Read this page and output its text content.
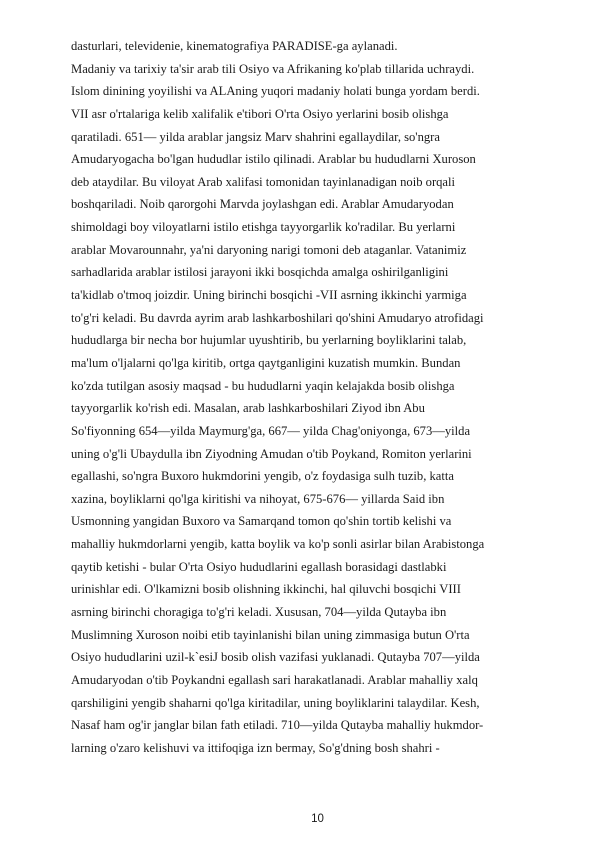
dasturlari, televidenie, kinematografiya PARADISE-ga aylanadi.
Madaniy va tarixiy ta'sir arab tili Osiyo va Afrikaning ko'plab tillarida uchraydi.
Islom dinining yoyilishi va ALAning yuqori madaniy holati bunga yordam berdi.
VII asr o'rtalariga kelib xalifalik e'tibori O'rta Osiyo yerlarini bosib olishga
qaratiladi. 651— yilda arablar jangsiz Marv shahrini egallaydilar, so'ngra
Amudaryogacha bo'lgan hududlar istilo qilinadi. Arablar bu hududlarni Xuroson
deb ataydilar. Bu viloyat Arab xalifasi tomonidan tayinlanadigan noib orqali
boshqariladi. Noib qarorgohi Marvda joylashgan edi. Arablar Amudaryodan
shimoldagi boy viloyatlarni istilo etishga tayyorgarlik ko'radilar. Bu yerlarni
arablar Movarounnahr, ya'ni daryoning narigi tomoni deb ataganlar. Vatanimiz
sarhadlarida arablar istilosi jarayoni ikki bosqichda amalga oshirilganligini
ta'kidlab o'tmoq joizdir. Uning birinchi bosqichi -VII asrning ikkinchi yarmiga
to'g'ri keladi. Bu davrda ayrim arab lashkarboshilari qo'shini Amudaryo atrofidagi
hududlarga bir necha bor hujumlar uyushtirib, bu yerlarning boyliklarini talab,
ma'lum o'ljalarni qo'lga kiritib, ortga qaytganligini kuzatish mumkin. Bundan
ko'zda tutilgan asosiy maqsad - bu hududlarni yaqin kelajakda bosib olishga
tayyorgarlik ko'rish edi. Masalan, arab lashkarboshilari Ziyod ibn Abu
So'fiyonning 654—yilda Maymurg'ga, 667— yilda Chag'oniyonga, 673—yilda
uning o'g'li Ubaydulla ibn Ziyodning Amudan o'tib Poykand, Romiton yerlarini
egallashi, so'ngra Buxoro hukmdorini yengib, o'z foydasiga sulh tuzib, katta
xazina, boyliklarni qo'lga kiritishi va nihoyat, 675-676— yillarda Said ibn
Usmonning yangidan Buxoro va Samarqand tomon qo'shin tortib kelishi va
mahalliy hukmdorlarni yengib, katta boylik va ko'p sonli asirlar bilan Arabistonga
qaytib ketishi - bular O'rta Osiyo hududlarini egallash borasidagi dastlabki
urinishlar edi. O'lkamizni bosib olishning ikkinchi, hal qiluvchi bosqichi VIII
asrning birinchi choragiga to'g'ri keladi. Xususan, 704—yilda Qutayba ibn
Muslimning Xuroson noibi etib tayinlanishi bilan uning zimmasiga butun O'rta
Osiyo hududlarini uzil-k`esiJ bosib olish vazifasi yuklanadi. Qutayba 707—yilda
Amudaryodan o'tib Poykandni egallash sari harakatlanadi. Arablar mahalliy xalq
qarshiligini yengib shaharni qo'lga kiritadilar, uning boyliklarini talaydilar. Kesh,
Nasaf ham og'ir janglar bilan fath etiladi. 710—yilda Qutayba mahalliy hukmdor-
larning o'zaro kelishuvi va ittifoqiga izn bermay, So'g'dning bosh shahri -
10
